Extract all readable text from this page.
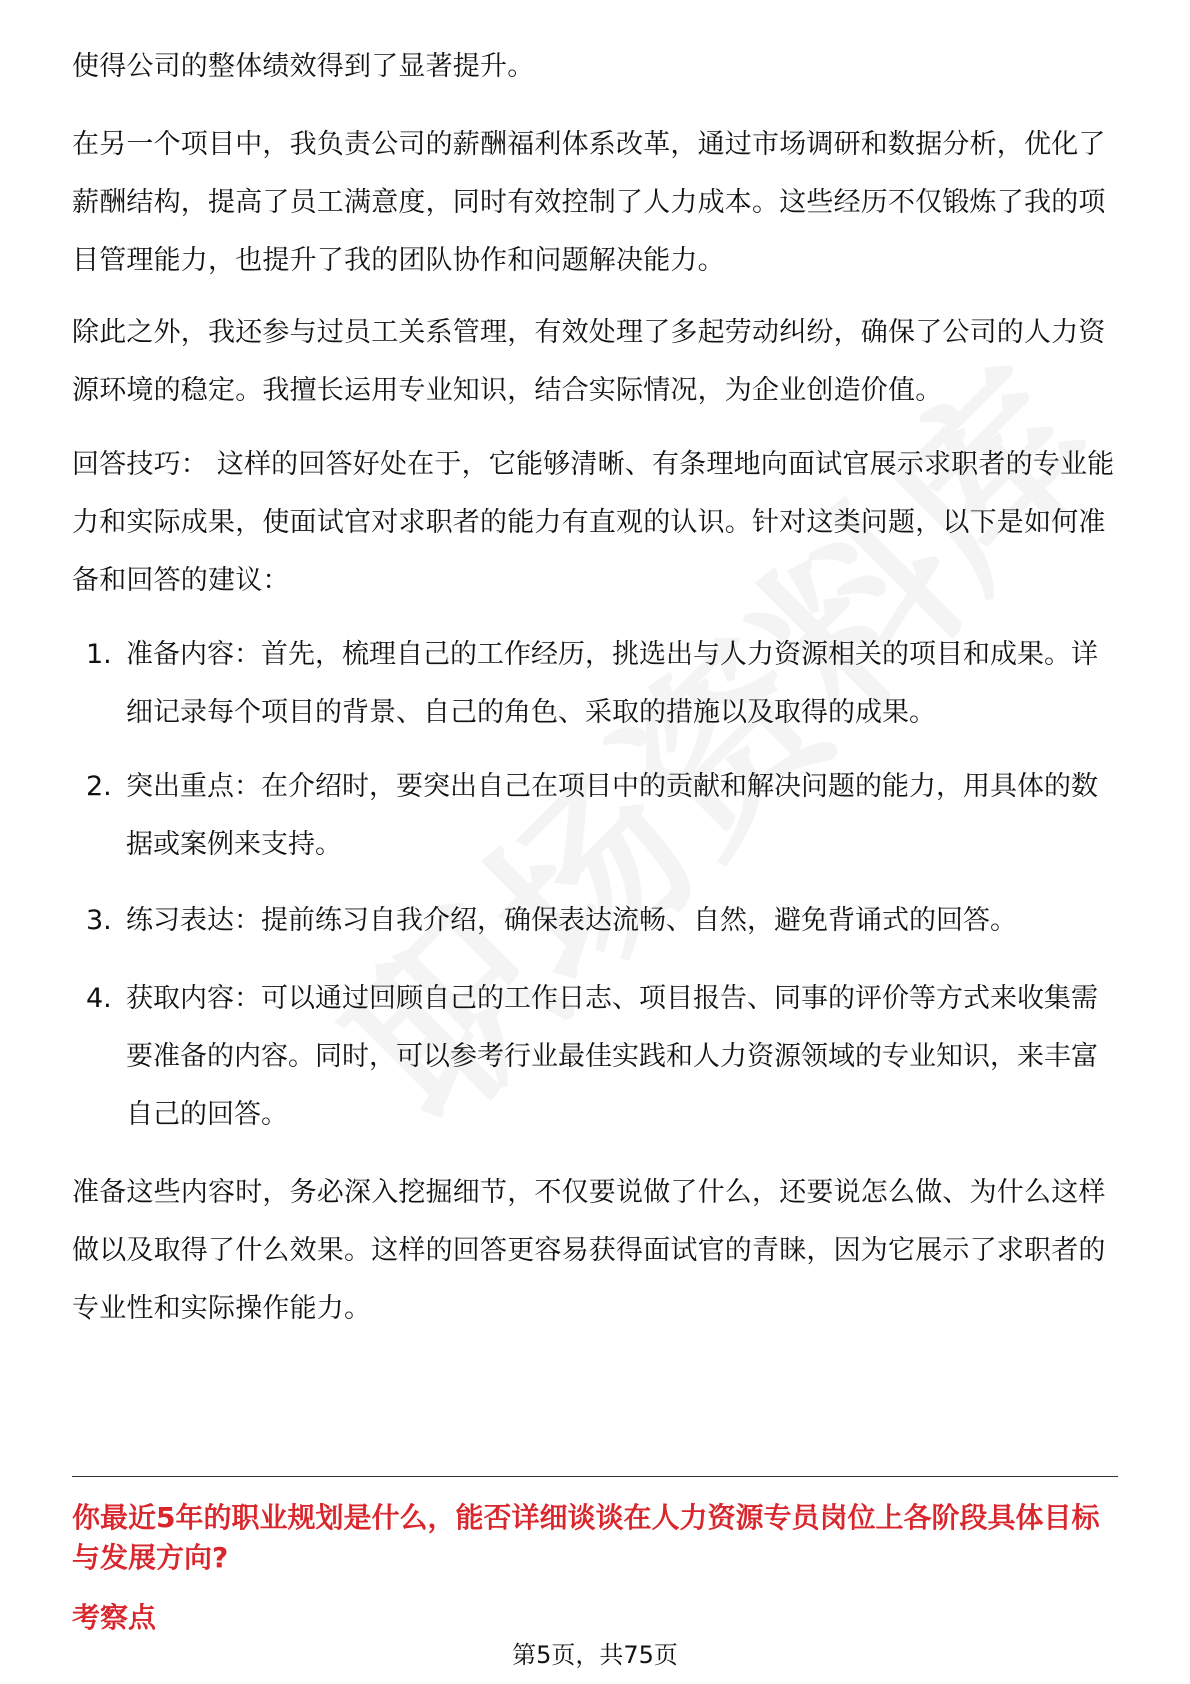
使得公司的整体绩效得到了显著提升。

在另一个项目中，我负责公司的薪酬福利体系改革，通过市场调研和数据分析，优化了薪酬结构，提高了员工满意度，同时有效控制了人力成本。这些经历不仅锻炼了我的项目管理能力，也提升了我的团队协作和问题解决能力。

除此之外，我还参与过员工关系管理，有效处理了多起劳动纠纷，确保了公司的人力资源环境的稳定。我擅长运用专业知识，结合实际情况，为企业创造价值。

回答技巧： 这样的回答好处在于，它能够清晰、有条理地向面试官展示求职者的专业能力和实际成果，使面试官对求职者的能力有直观的认识。针对这类问题，以下是如何准备和回答的建议：

1. 准备内容：首先，梳理自己的工作经历，挑选出与人力资源相关的项目和成果。详细记录每个项目的背景、自己的角色、采取的措施以及取得的成果。
2. 突出重点：在介绍时，要突出自己在项目中的贡献和解决问题的能力，用具体的数据或案例来支持。
3. 练习表达：提前练习自我介绍，确保表达流畅、自然，避免背诵式的回答。
4. 获取内容：可以通过回顾自己的工作日志、项目报告、同事的评价等方式来收集需要准备的内容。同时，可以参考行业最佳实践和人力资源领域的专业知识，来丰富自己的回答。

准备这些内容时，务必深入挖掘细节，不仅要说做了什么，还要说怎么做、为什么这样做以及取得了什么效果。这样的回答更容易获得面试官的青睐，因为它展示了求职者的专业性和实际操作能力。

你最近5年的职业规划是什么，能否详细谈谈在人力资源专员岗位上各阶段具体目标与发展方向?

考察点

第5页，共75页
